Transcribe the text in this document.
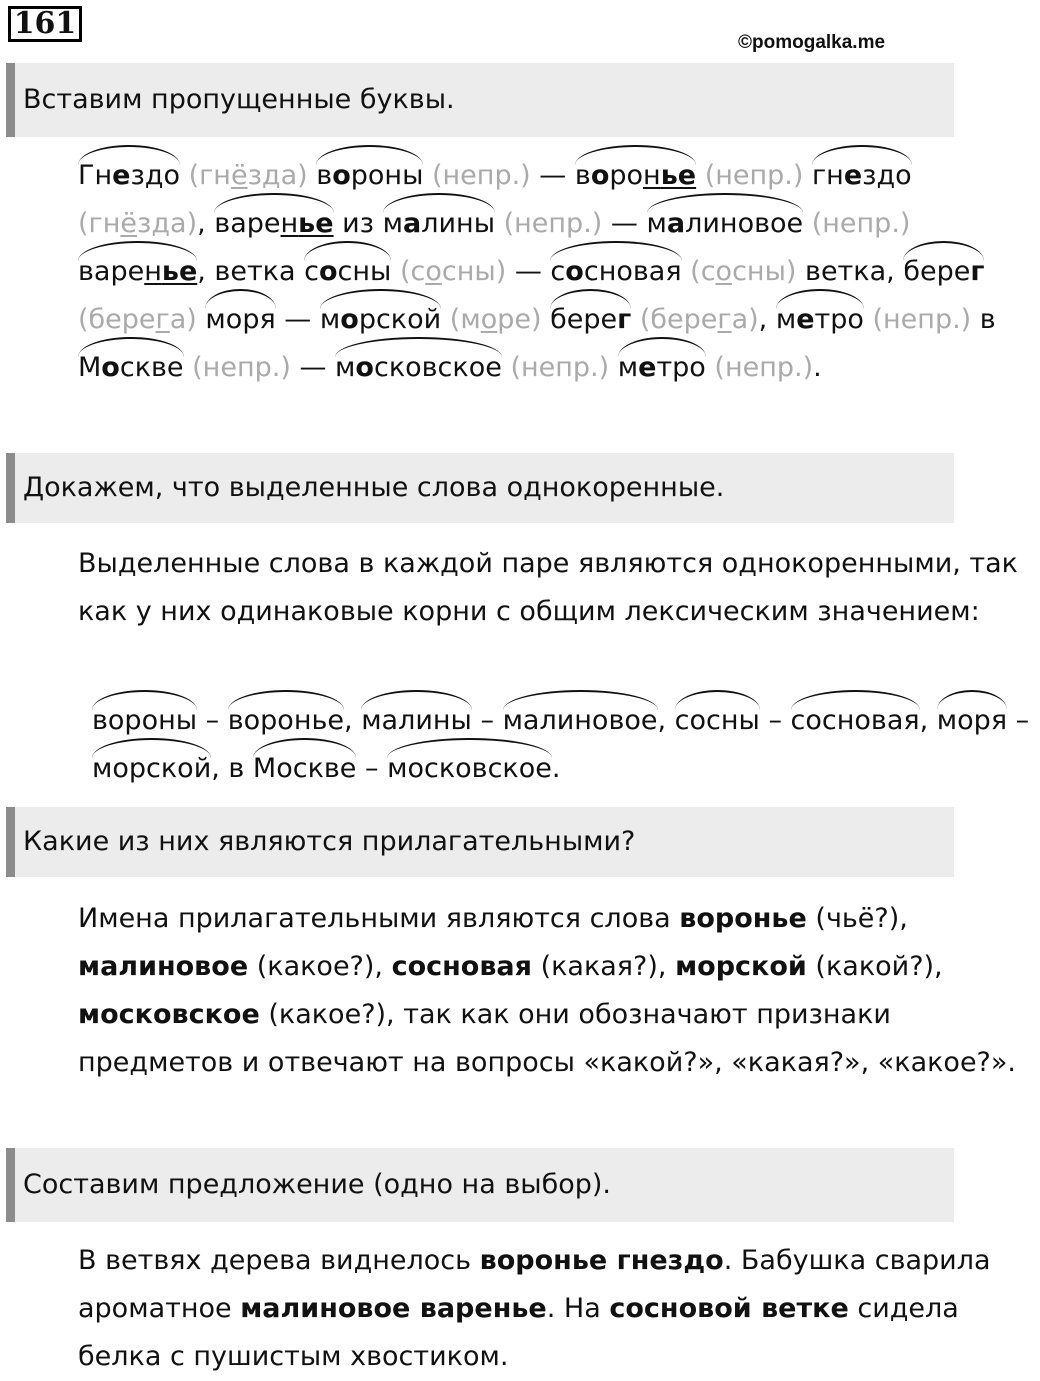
161
©pomogalka.me
Вставим пропущенные буквы.
Гнездо (гнёзда) вороны (непр.) — воронье (непр.) гнездо (гнёзда), варенье из малины (непр.) — малиновое (непр.) варенье, ветка сосны (сосны) — сосновая (сосны) ветка, берег (берега) моря — морской (море) берег (берега), метро (непр.) в Москве (непр.) — московское (непр.) метро (непр.).
Докажем, что выделенные слова однокоренные.

Выделенные слова в каждой паре являются однокоренными, так как у них одинаковые корни с общим лексическим значением:

вороны – воронье, малины – малиновое, сосны – сосновая, моря – морской, в Москве – московское.
Какие из них являются прилагательными?
Имена прилагательными являются слова воронье (чьё?), малиновое (какое?), сосновая (какая?), морской (какой?), московское (какое?), так как они обозначают признаки предметов и отвечают на вопросы «какой?», «какая?», «какое?».
Составим предложение (одно на выбор).
В ветвях дерева виднелось воронье гнездо. Бабушка сварила ароматное малиновое варенье. На сосновой ветке сидела белка с пушистым хвостиком.
